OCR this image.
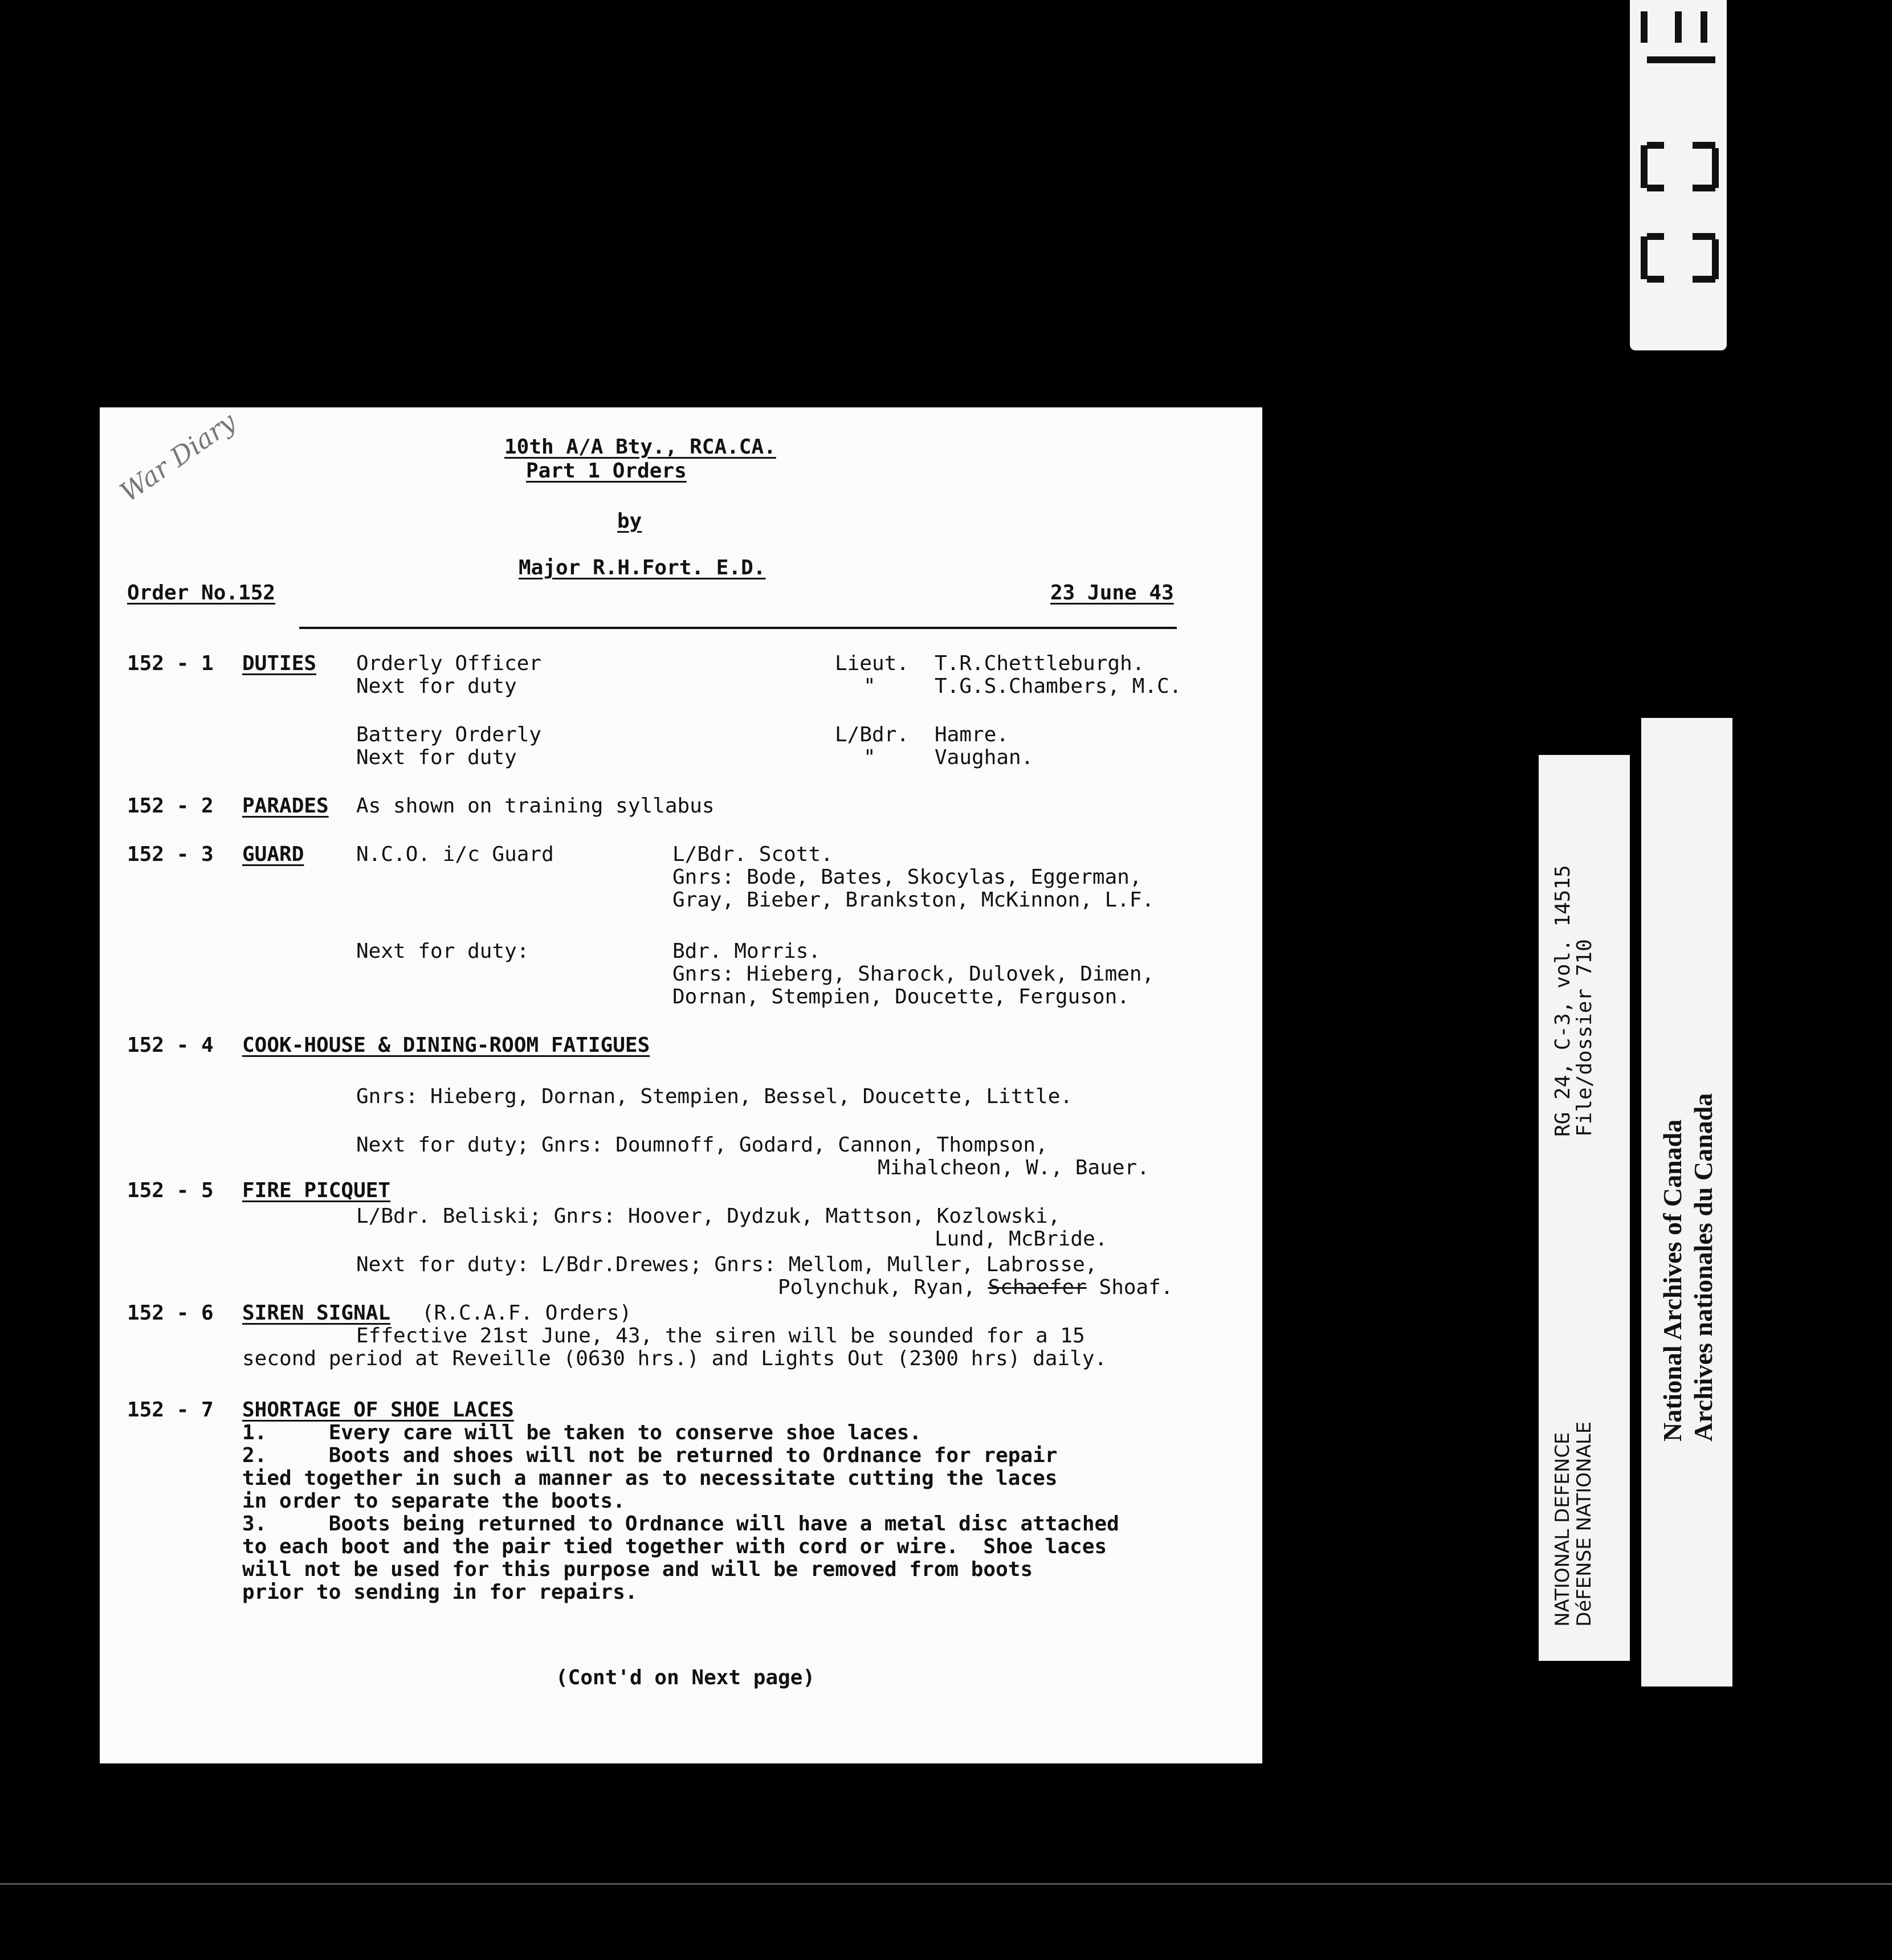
War Diary	10th A/A Bty., RCA.CA.
Part 1 Orders
by
Major R.H.Fort. E.D.
Order No.152	23 June 43
152 - 1 DUTIES Orderly Officer	Lieut. T.R.Chettleburgh.
Next for duty	"	T.G.S.Chambers, M.C.
Battery Orderly	L/Bdr. Hamre.
Next for duty	"	Vaughan.
152 - 2 PARADES As shown on training syllabus
152 - 3 GUARD	N.C.O. i/c Guard	L/Bdr. Scott.
Gnrs: Bode, Bates, Skocylas, Eggerman,
Gray, Bieber, Brankston, McKinnon, L.F.
Next for duty:	Bdr. Morris.
Gnrs: Hieberg, Sharock, Dulovek, Dimen,
Dornan, Stempien, Doucette, Ferguson.
152 - 4 COOK-HOUSE & DINING-ROOM FATIGUES
Gnrs: Hieberg, Dornan, Stempien, Bessel, Doucette, Little.
Next for duty; Gnrs: Doumnoff, Godard, Cannon, Thompson,
Mihalcheon, W., Bauer.
152 - 5 FIRE PICQUET
L/Bdr. Beliski; Gnrs: Hoover, Dydzuk, Mattson, Kozlowski,
Lund, McBride.
Next for duty: L/Bdr.Drewes; Gnrs: Mellom, Muller, Labrosse,
Polynchuk, Ryan, Schaefer Shoaf.
152 - 6 SIREN SIGNAL (R.C.A.F. Orders)
Effective 21st June, 43, the siren will be sounded for a 15
second period at Reveille (0630 hrs.) and Lights Out (2300 hrs) daily.
152 - 7 SHORTAGE OF SHOE LACES
1.     Every care will be taken to conserve shoe laces.
2.     Boots and shoes will not be returned to Ordnance for repair
tied together in such a manner as to necessitate cutting the laces
in order to separate the boots.
3.     Boots being returned to Ordnance will have a metal disc attached
to each boot and the pair tied together with cord or wire.  Shoe laces
will not be used for this purpose and will be removed from boots
prior to sending in for repairs.
(Cont'd on Next page)
RG 24, C-3, vol. 14515
File/dossier 710
NATIONAL DEFENCE
DéFENSE NATIONALE
National Archives of Canada Archives nationales du Canada
